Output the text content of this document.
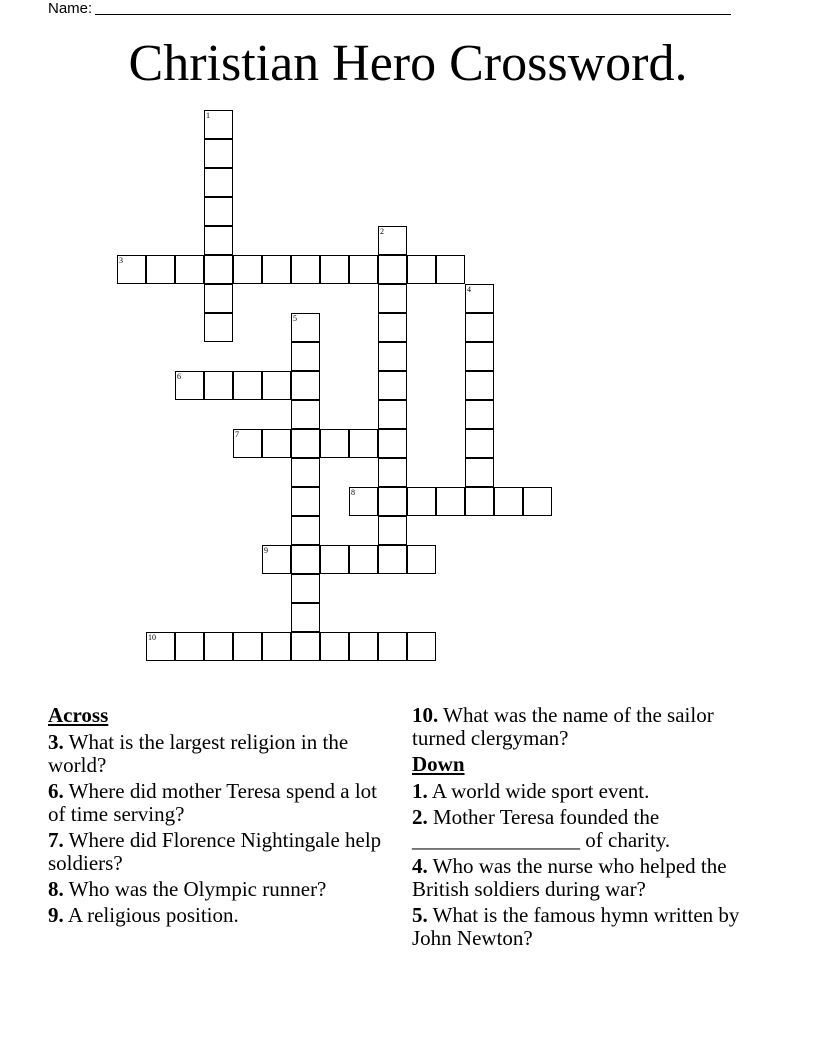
Name:
Christian Hero Crossword.
1
2
3
4
5
6
7
8
9
10
Across
3. What is the largest religion in the world?
6. Where did mother Teresa spend a lot of time serving?
7. Where did Florence Nightingale help soldiers?
8. Who was the Olympic runner?
9. A religious position.
10. What was the name of the sailor turned clergyman?
Down
1. A world wide sport event.
2. Mother Teresa founded the ________________ of charity.
4. Who was the nurse who helped the British soldiers during war?
5. What is the famous hymn written by John Newton?
